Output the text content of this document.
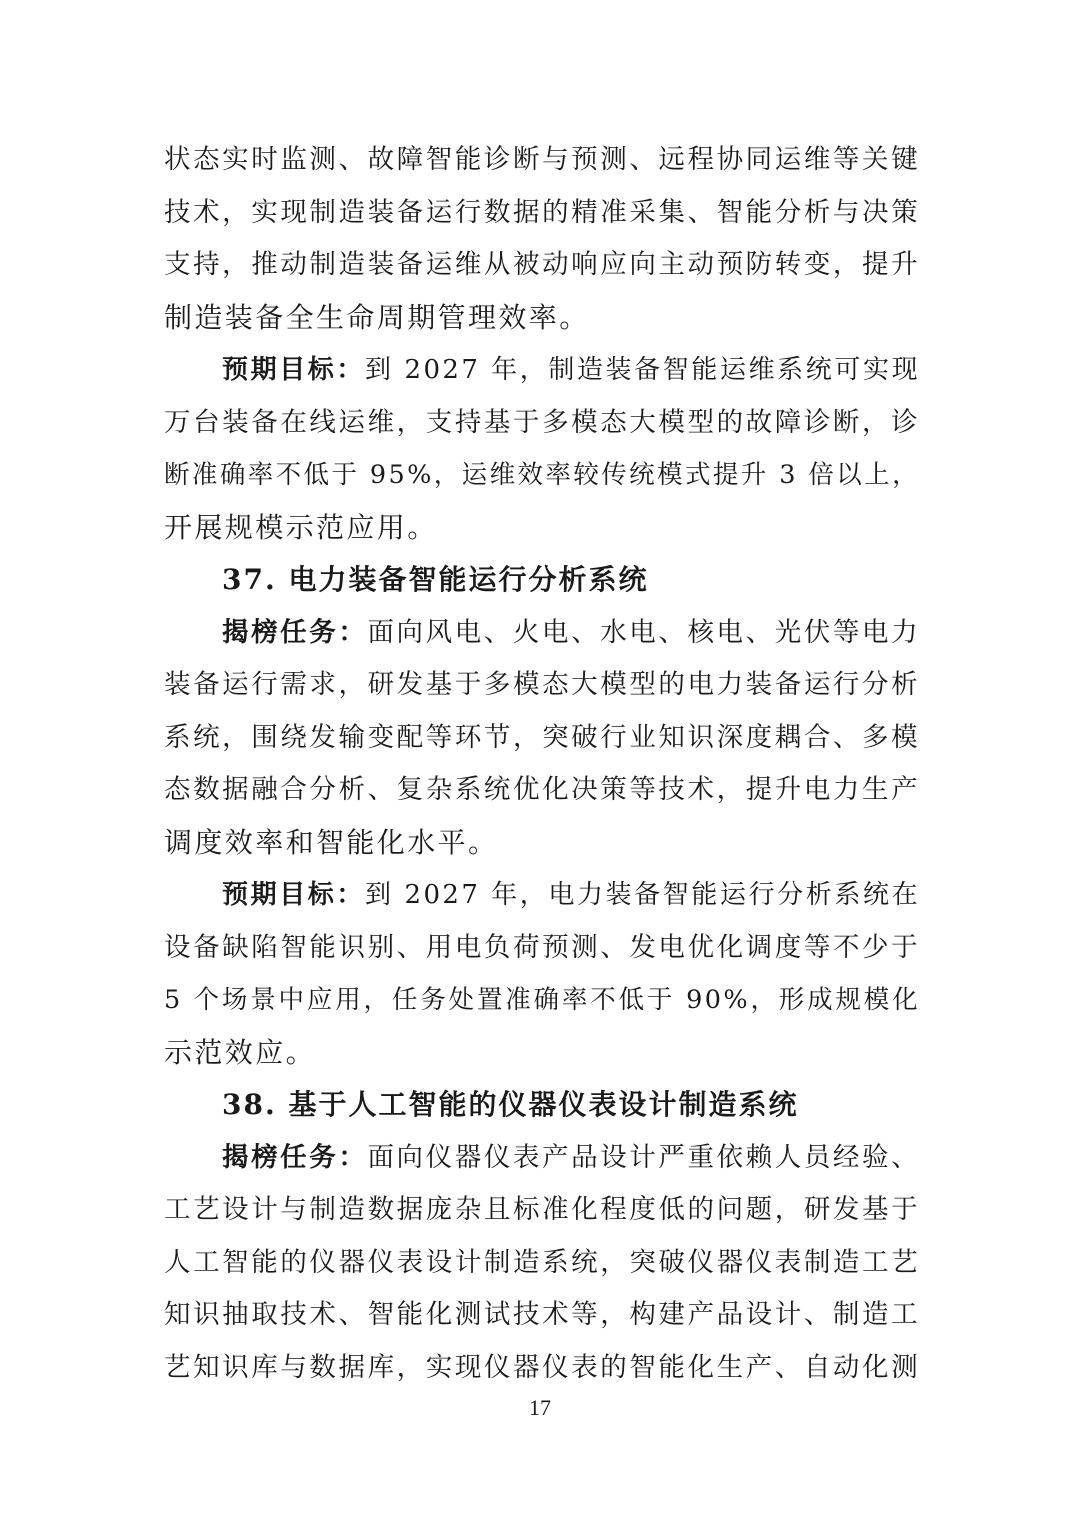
状态实时监测、故障智能诊断与预测、远程协同运维等关键
技术，实现制造装备运行数据的精准采集、智能分析与决策
支持，推动制造装备运维从被动响应向主动预防转变，提升
制造装备全生命周期管理效率。
预期目标：到 2027 年，制造装备智能运维系统可实现
万台装备在线运维，支持基于多模态大模型的故障诊断，诊
断准确率不低于 95%，运维效率较传统模式提升 3 倍以上，
开展规模示范应用。
37. 电力装备智能运行分析系统
揭榜任务：面向风电、火电、水电、核电、光伏等电力
装备运行需求，研发基于多模态大模型的电力装备运行分析
系统，围绕发输变配等环节，突破行业知识深度耦合、多模
态数据融合分析、复杂系统优化决策等技术，提升电力生产
调度效率和智能化水平。
预期目标：到 2027 年，电力装备智能运行分析系统在
设备缺陷智能识别、用电负荷预测、发电优化调度等不少于
5 个场景中应用，任务处置准确率不低于 90%，形成规模化
示范效应。
38. 基于人工智能的仪器仪表设计制造系统
揭榜任务：面向仪器仪表产品设计严重依赖人员经验、
工艺设计与制造数据庞杂且标准化程度低的问题，研发基于
人工智能的仪器仪表设计制造系统，突破仪器仪表制造工艺
知识抽取技术、智能化测试技术等，构建产品设计、制造工
艺知识库与数据库，实现仪器仪表的智能化生产、自动化测
17
